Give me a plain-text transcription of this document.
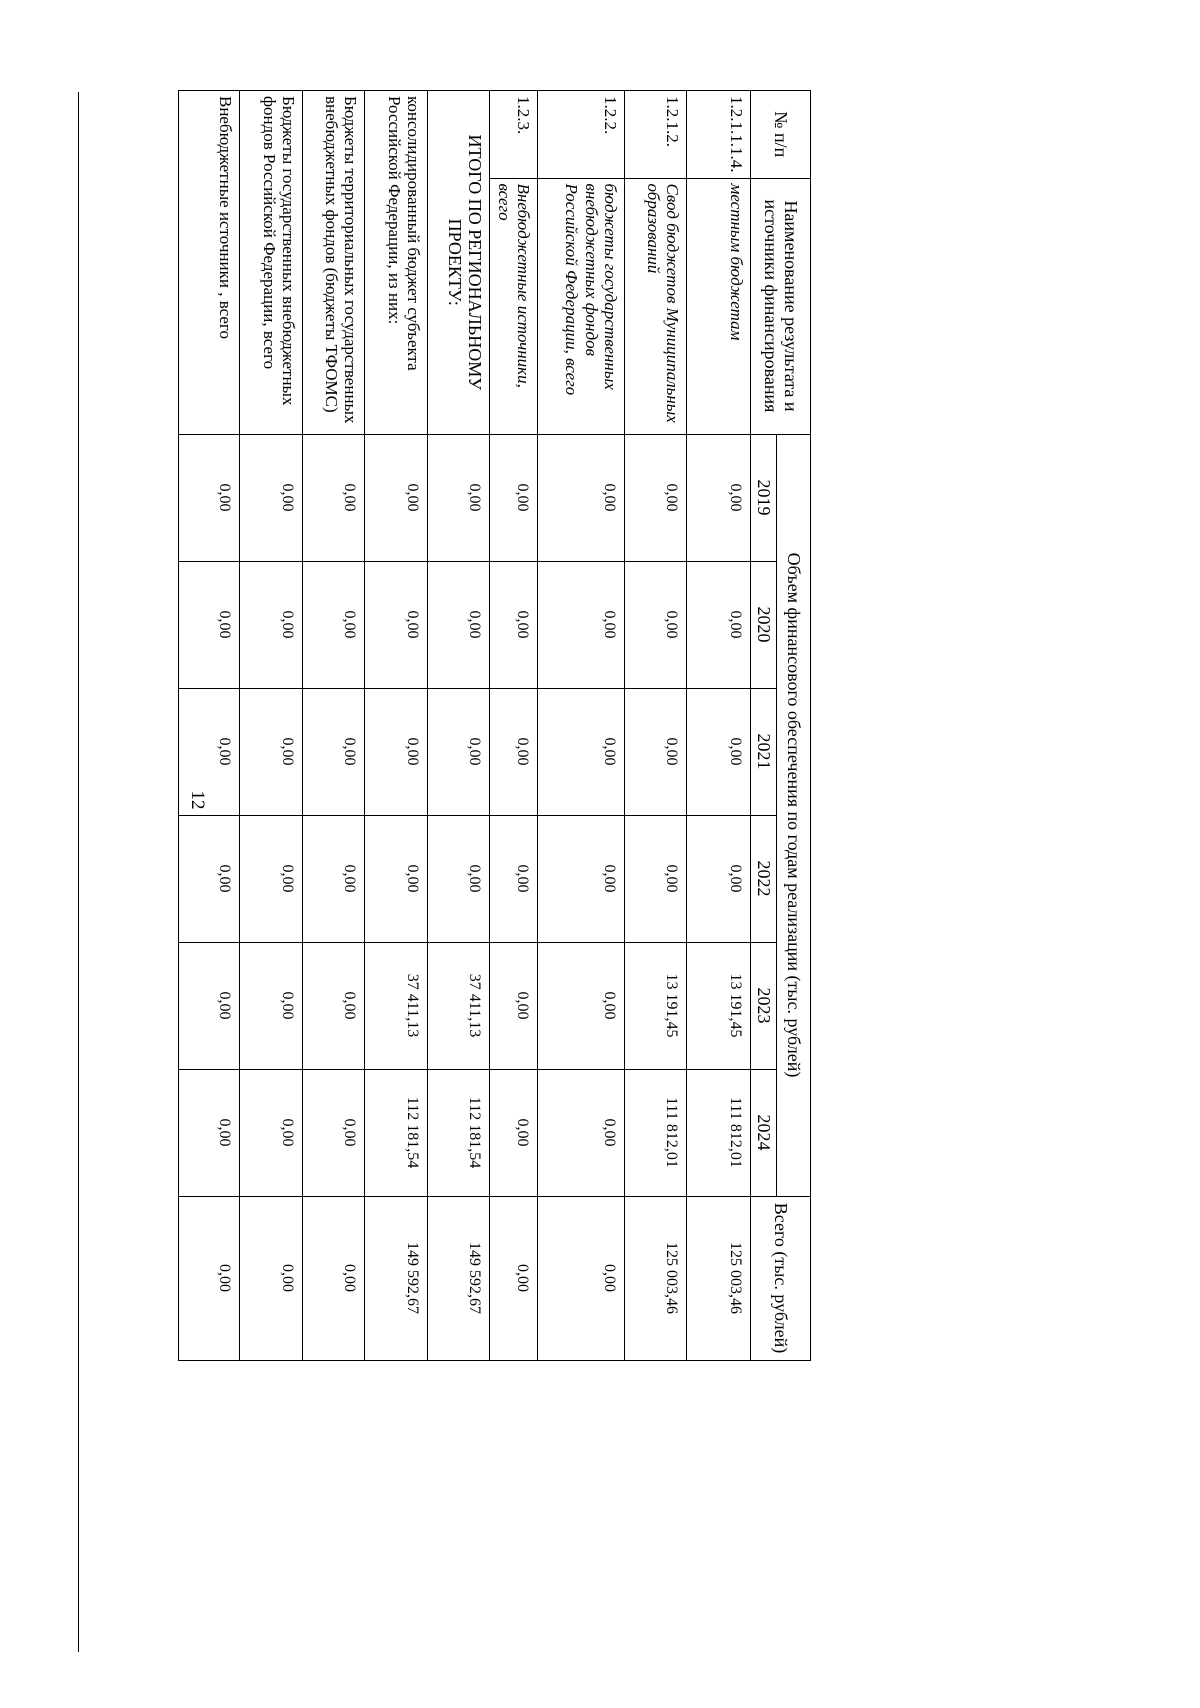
12
№ п/п	Наименование результата и источники финансирования	Объем финансового обеспечения по годам реализации (тыс. рублей)						Всего (тыс. рублей)
		2019	2020	2021	2022	2023	2024	
1.2.1.1.1.4.	местным бюджетам	0,00	0,00	0,00	0,00	13 191,45	111 812,01	125 003,46
1.2.1.2.	Свод бюджетов Муниципальных образований	0,00	0,00	0,00	0,00	13 191,45	111 812,01	125 003,46
1.2.2.	бюджеты государственных внебюджетных фондов Российской Федерации, всего	0,00	0,00	0,00	0,00	0,00	0,00	0,00
1.2.3.	Внебюджетные источники, всего	0,00	0,00	0,00	0,00	0,00	0,00	0,00
ИТОГО ПО РЕГИОНАЛЬНОМУ ПРОЕКТУ:		0,00	0,00	0,00	0,00	37 411,13	112 181,54	149 592,67
консолидированный бюджет субъекта Российской Федерации, из них:		0,00	0,00	0,00	0,00	37 411,13	112 181,54	149 592,67
Бюджеты территориальных государственных внебюджетных фондов (бюджеты ТФОМС)		0,00	0,00	0,00	0,00	0,00	0,00	0,00
Бюджеты государственных внебюджетных фондов Российской Федерации, всего		0,00	0,00	0,00	0,00	0,00	0,00	0,00
Внебюджетные источники , всего		0,00	0,00	0,00	0,00	0,00	0,00	0,00
